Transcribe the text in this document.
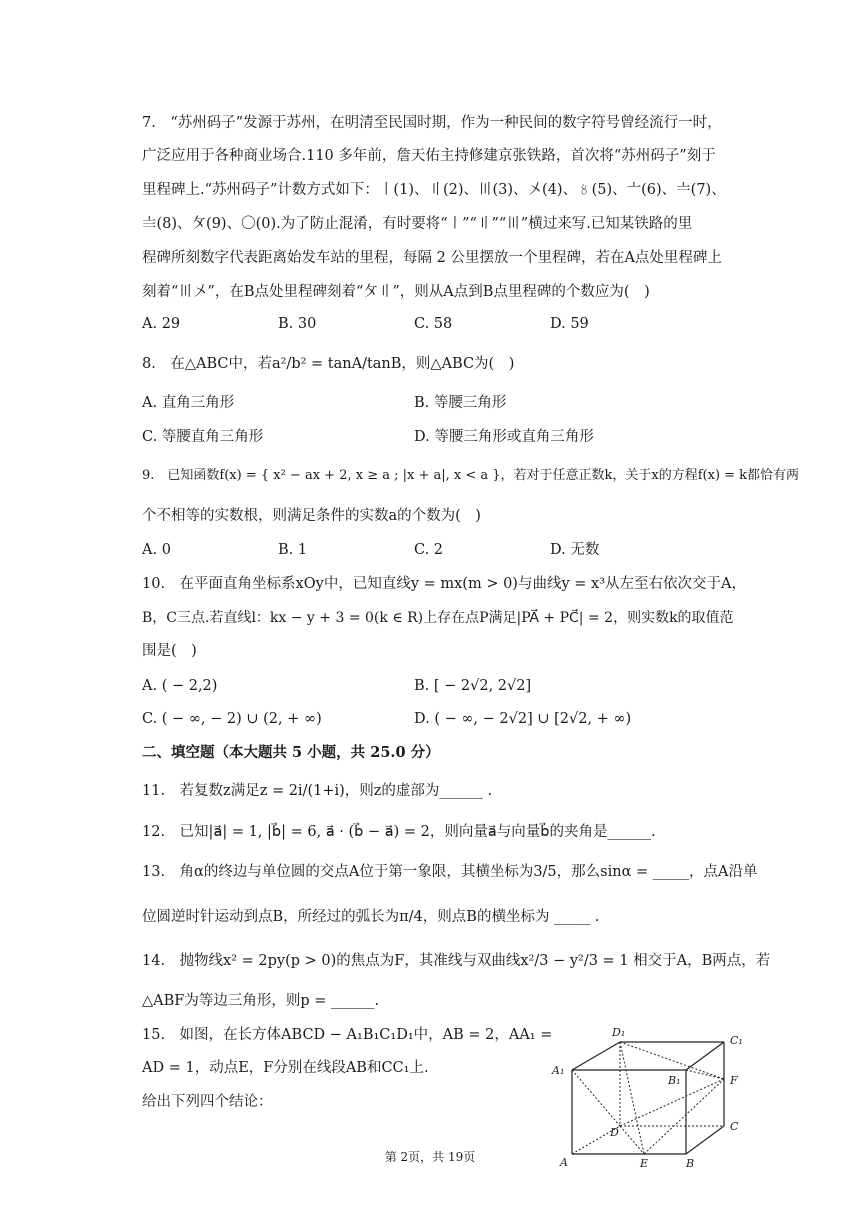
7.　“苏州码子”发源于苏州，在明清至民国时期，作为一种民间的数字符号曾经流行一时，
广泛应用于各种商业场合.110 多年前，詹天佑主持修建京张铁路，首次将“苏州码子”刻于
里程碑上.“苏州码子”计数方式如下：〡(1)、〢(2)、〣(3)、〤(4)、〥(5)、〦(6)、〧(7)、
〨(8)、〩(9)、〇(0).为了防止混淆，有时要将“〡”“〢”“〣”横过来写.已知某铁路的里
程碑所刻数字代表距离始发车站的里程，每隔 2 公里摆放一个里程碑，若在A点处里程碑上
刻着“〣〤”，在B点处里程碑刻着“〩〢”，则从A点到B点里程碑的个数应为(　)
A. 29	B. 30	C. 58	D. 59
8.　在△ABC中，若a²/b² = tanA/tanB，则△ABC为(　)
A. 直角三角形	B. 等腰三角形
C. 等腰直角三角形	D. 等腰三角形或直角三角形
9.　已知函数f(x) = { x² − ax + 2, x ≥ a ; |x + a|, x < a }，若对于任意正数k，关于x的方程f(x) = k都恰有两
个不相等的实数根，则满足条件的实数a的个数为(　)
A. 0	B. 1	C. 2	D. 无数
10.　在平面直角坐标系xOy中，已知直线y = mx(m > 0)与曲线y = x³从左至右依次交于A，
B，C三点.若直线l：kx − y + 3 = 0(k ∈ R)上存在点P满足|PA⃗ + PC⃗| = 2，则实数k的取值范
围是(　)
A. ( − 2,2)	B. [ − 2√2, 2√2]
C. ( − ∞, − 2) ∪ (2, + ∞)	D. ( − ∞, − 2√2] ∪ [2√2, + ∞)
二、填空题（本大题共 5 小题，共 25.0 分）
11.　若复数z满足z = 2i/(1+i)，则z的虚部为______ .
12.　已知|a⃗| = 1, |b⃗| = 6, a⃗ · (b⃗ − a⃗) = 2，则向量a⃗与向量b⃗的夹角是______.
13.　角α的终边与单位圆的交点A位于第一象限，其横坐标为3/5，那么sinα = _____，点A沿单
位圆逆时针运动到点B，所经过的弧长为π/4，则点B的横坐标为 _____ .
14.　抛物线x² = 2py(p > 0)的焦点为F，其准线与双曲线x²/3 − y²/3 = 1 相交于A，B两点，若
△ABF为等边三角形，则p = ______.
15.　如图，在长方体ABCD − A₁B₁C₁D₁中，AB = 2，AA₁ =
AD = 1，动点E，F分别在线段AB和CC₁上.
给出下列四个结论：
D₁
C₁
A₁
B₁	F
D	C
A	E	B
第 2页，共 19页
